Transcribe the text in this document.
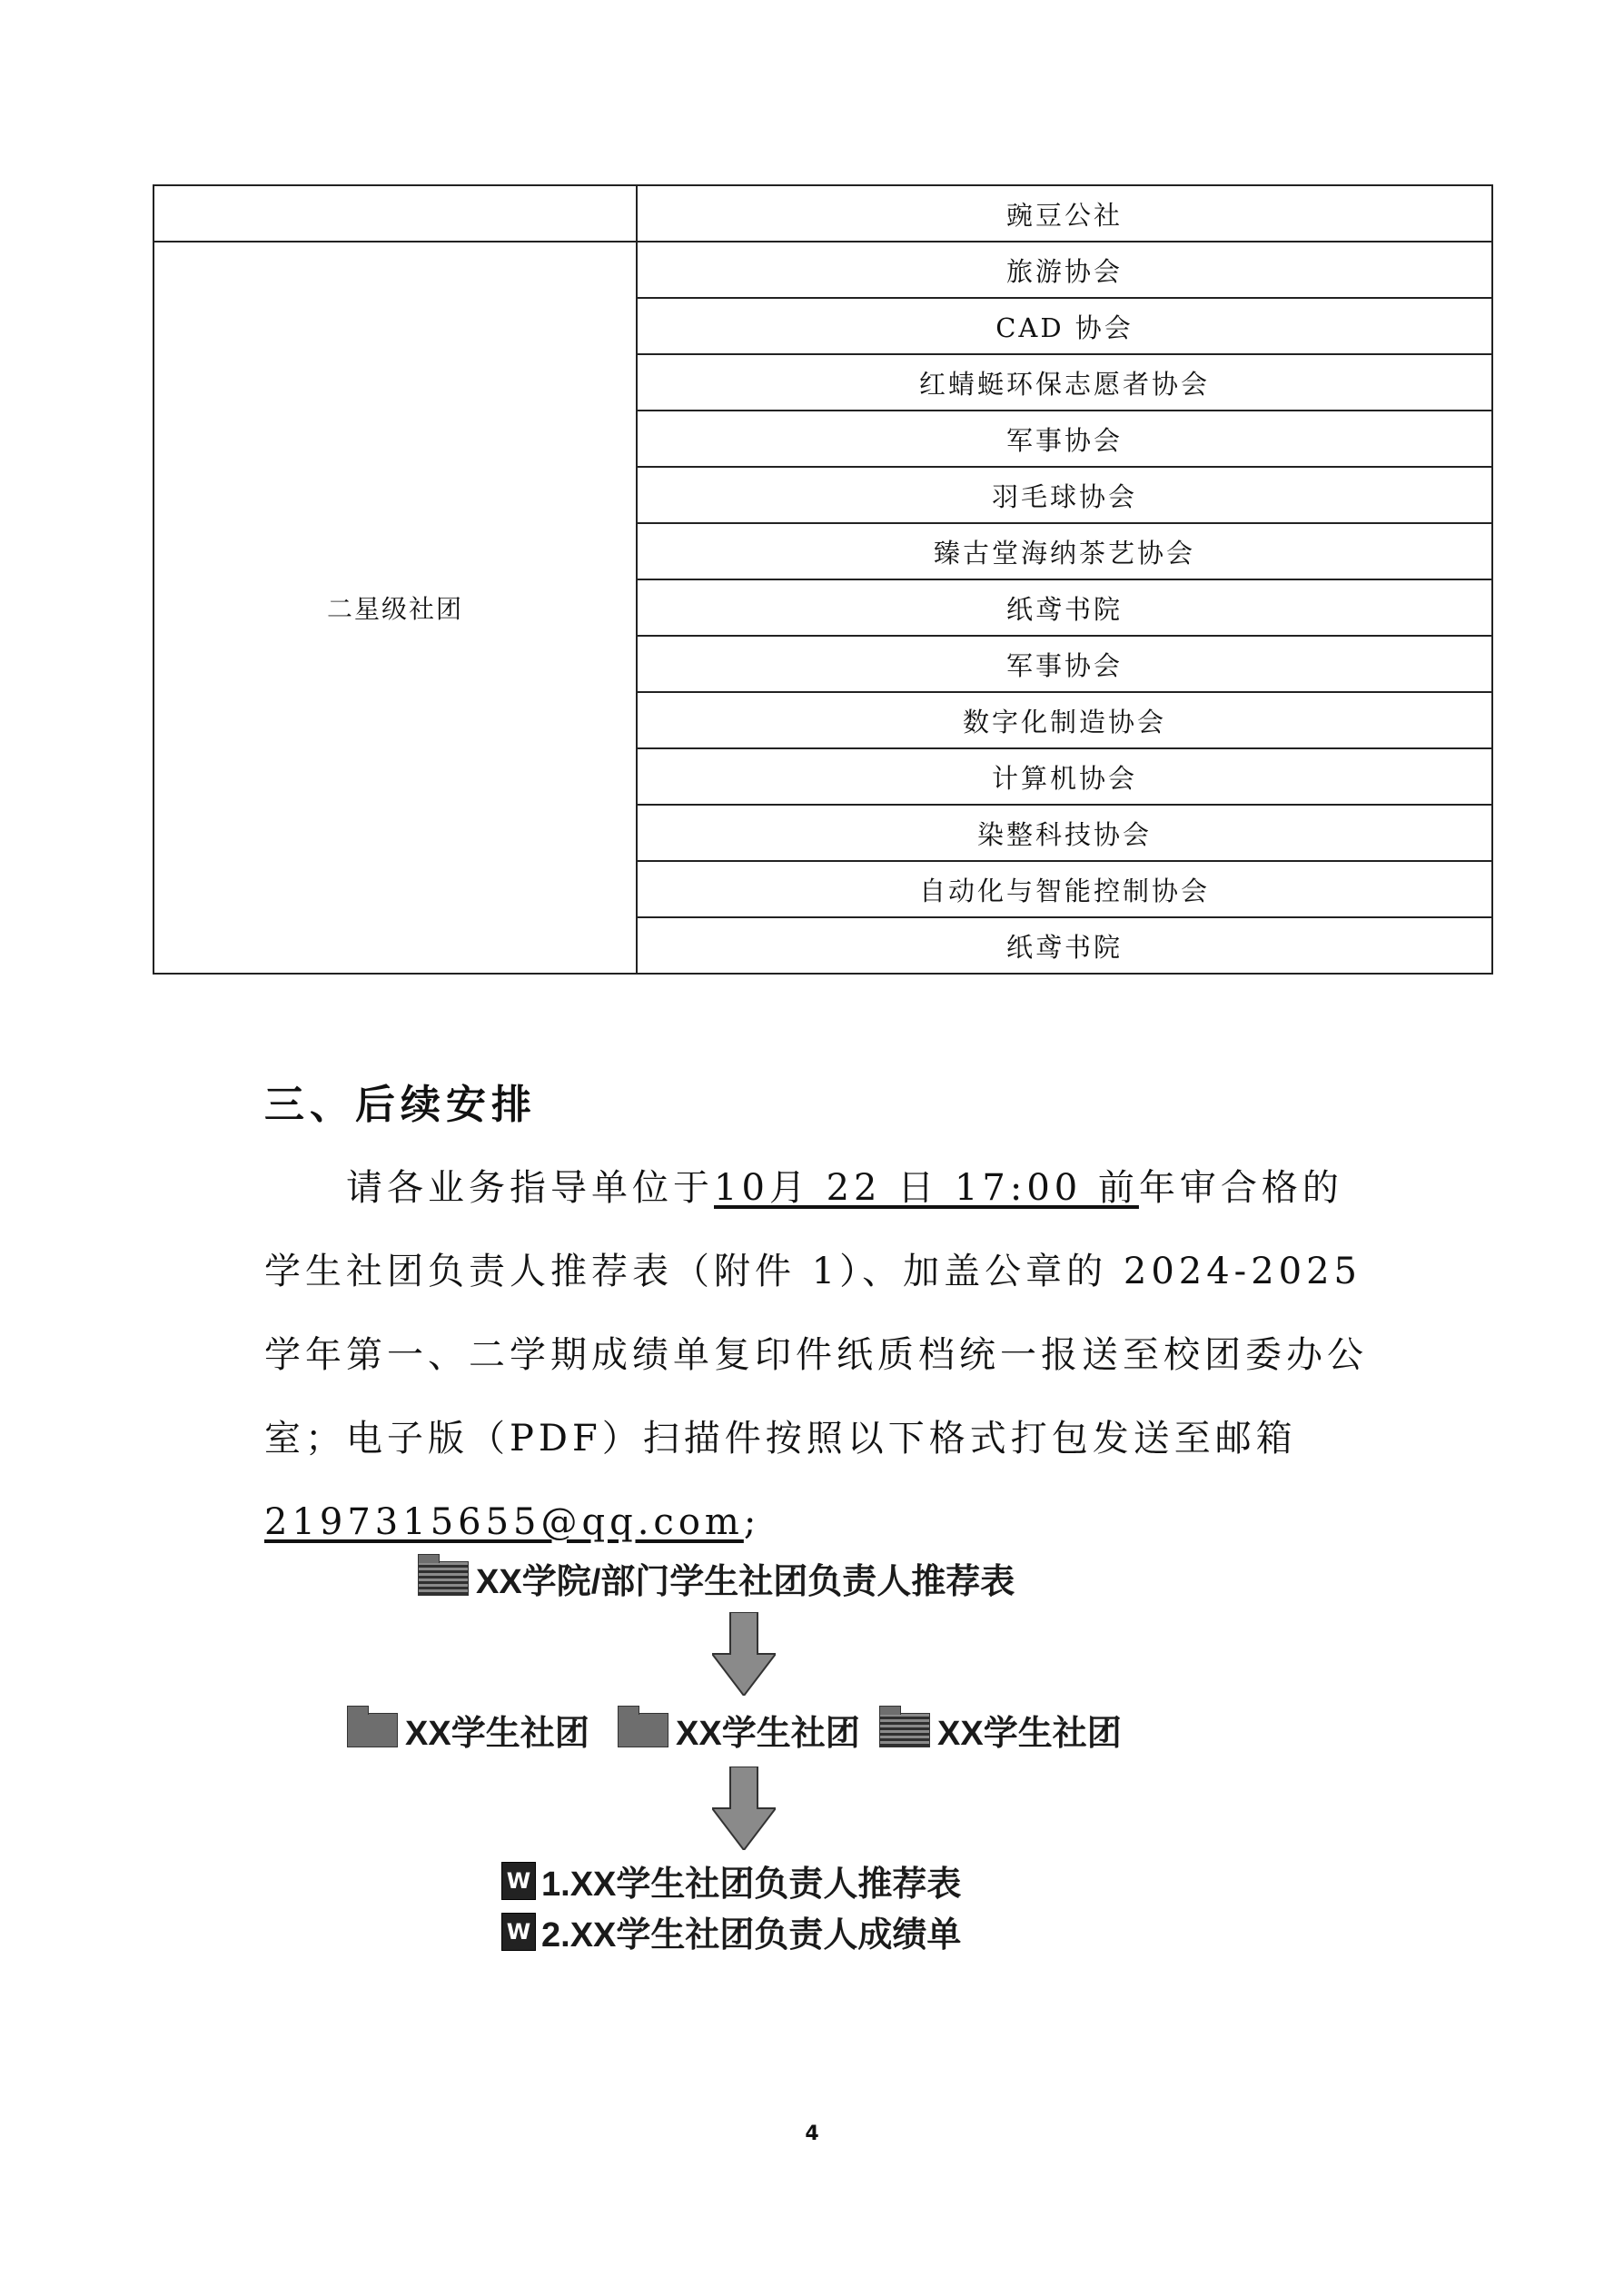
	豌豆公社
二星级社团	旅游协会
	CAD 协会
	红蜻蜓环保志愿者协会
	军事协会
	羽毛球协会
	臻古堂海纳茶艺协会
	纸鸢书院
	军事协会
	数字化制造协会
	计算机协会
	染整科技协会
	自动化与智能控制协会
	纸鸢书院
三、后续安排

请各业务指导单位于10月 22 日 17:00 前年审合格的学生社团负责人推荐表（附件 1）、加盖公章的 2024-2025 学年第一、二学期成绩单复印件纸质档统一报送至校团委办公室；电子版（PDF）扫描件按照以下格式打包发送至邮箱 2197315655@qq.com;

XX学院/部门学生社团负责人推荐表
XX学生社团	XX学生社团 XX学生社团
W 1.XX学生社团负责人推荐表
W 2.XX学生社团负责人成绩单
4
